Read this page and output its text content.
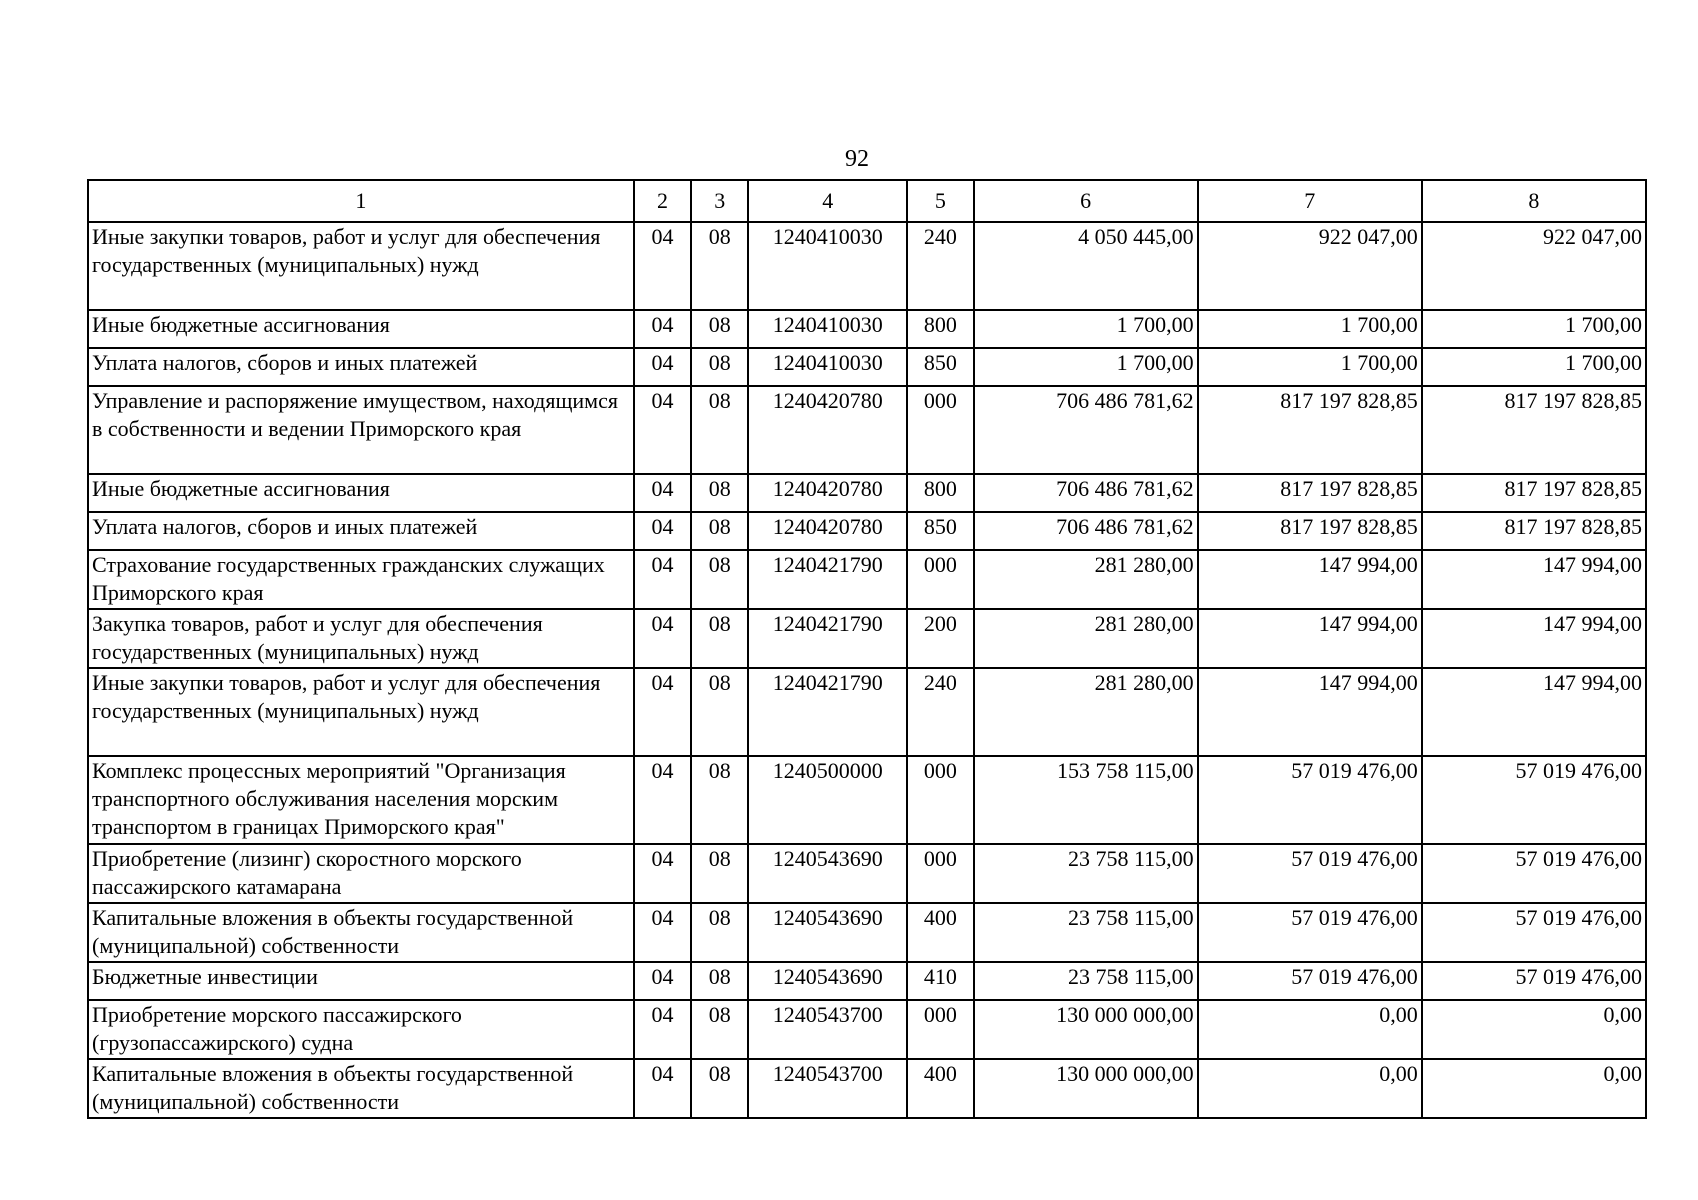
92
1	2	3	4	5	6	7	8
Иные закупки товаров, работ и услуг для обеспечения государственных (муниципальных) нужд	04	08	1240410030	240	4 050 445,00	922 047,00	922 047,00
Иные бюджетные ассигнования	04	08	1240410030	800	1 700,00	1 700,00	1 700,00
Уплата налогов, сборов и иных платежей	04	08	1240410030	850	1 700,00	1 700,00	1 700,00
Управление и распоряжение имуществом, находящимся в собственности и ведении Приморского края	04	08	1240420780	000	706 486 781,62	817 197 828,85	817 197 828,85
Иные бюджетные ассигнования	04	08	1240420780	800	706 486 781,62	817 197 828,85	817 197 828,85
Уплата налогов, сборов и иных платежей	04	08	1240420780	850	706 486 781,62	817 197 828,85	817 197 828,85
Страхование государственных гражданских служащих Приморского края	04	08	1240421790	000	281 280,00	147 994,00	147 994,00
Закупка товаров, работ и услуг для обеспечения государственных (муниципальных) нужд	04	08	1240421790	200	281 280,00	147 994,00	147 994,00
Иные закупки товаров, работ и услуг для обеспечения государственных (муниципальных) нужд	04	08	1240421790	240	281 280,00	147 994,00	147 994,00
Комплекс процессных мероприятий "Организация транспортного обслуживания населения морским транспортом в границах Приморского края"	04	08	1240500000	000	153 758 115,00	57 019 476,00	57 019 476,00
Приобретение (лизинг) скоростного морского пассажирского катамарана	04	08	1240543690	000	23 758 115,00	57 019 476,00	57 019 476,00
Капитальные вложения в объекты государственной (муниципальной) собственности	04	08	1240543690	400	23 758 115,00	57 019 476,00	57 019 476,00
Бюджетные инвестиции	04	08	1240543690	410	23 758 115,00	57 019 476,00	57 019 476,00
Приобретение морского пассажирского (грузопассажирского) судна	04	08	1240543700	000	130 000 000,00	0,00	0,00
Капитальные вложения в объекты государственной (муниципальной) собственности	04	08	1240543700	400	130 000 000,00	0,00	0,00
